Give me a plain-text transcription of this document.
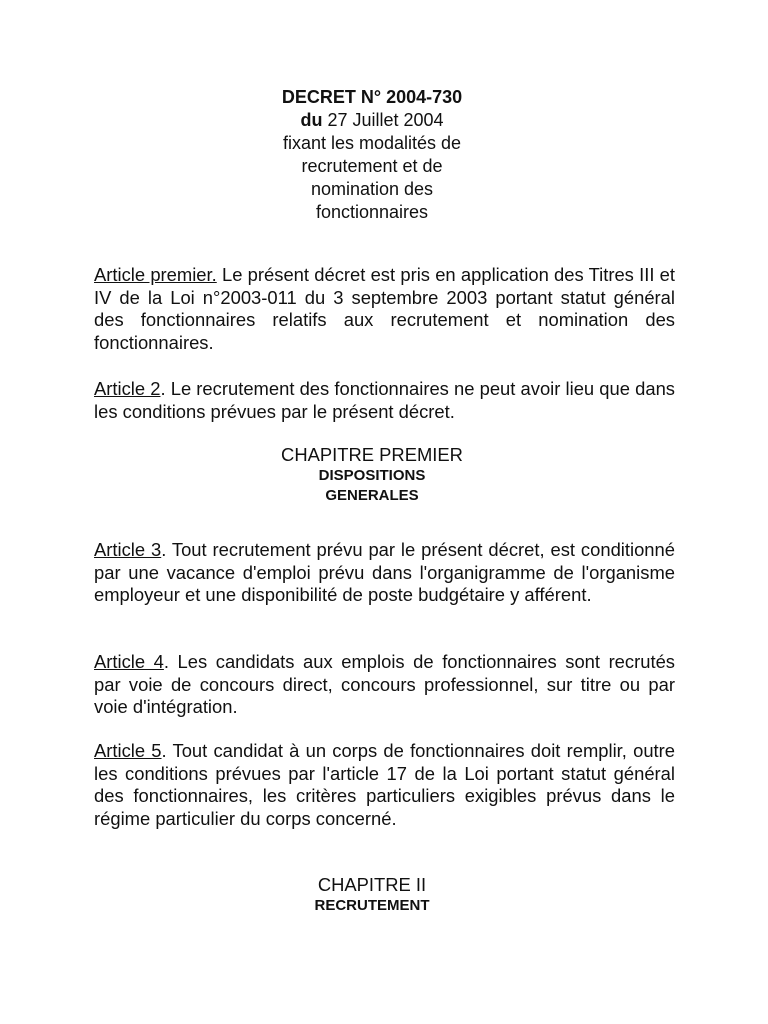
DECRET N° 2004-730
du 27 Juillet 2004
fixant les modalités de
recrutement et de
nomination des
fonctionnaires
Article premier. Le présent décret est pris en application des Titres III et IV de la Loi n°2003-011 du 3 septembre 2003 portant statut général des fonctionnaires relatifs aux recrutement et nomination des fonctionnaires.
Article 2. Le recrutement des fonctionnaires ne peut avoir lieu que dans les conditions prévues par le présent décret.
CHAPITRE PREMIER
DISPOSITIONS
GENERALES
Article 3. Tout recrutement prévu par le présent décret, est conditionné par une vacance d'emploi prévu dans l'organigramme de l'organisme employeur et une disponibilité de poste budgétaire y afférent.
Article 4. Les candidats aux emplois de fonctionnaires sont recrutés par voie de concours direct, concours professionnel, sur titre ou par voie d'intégration.
Article 5. Tout candidat à un corps de fonctionnaires doit remplir, outre les conditions prévues par l'article 17 de la Loi portant statut général des fonctionnaires, les critères particuliers exigibles prévus dans le régime particulier du corps concerné.
CHAPITRE II
RECRUTEMENT
